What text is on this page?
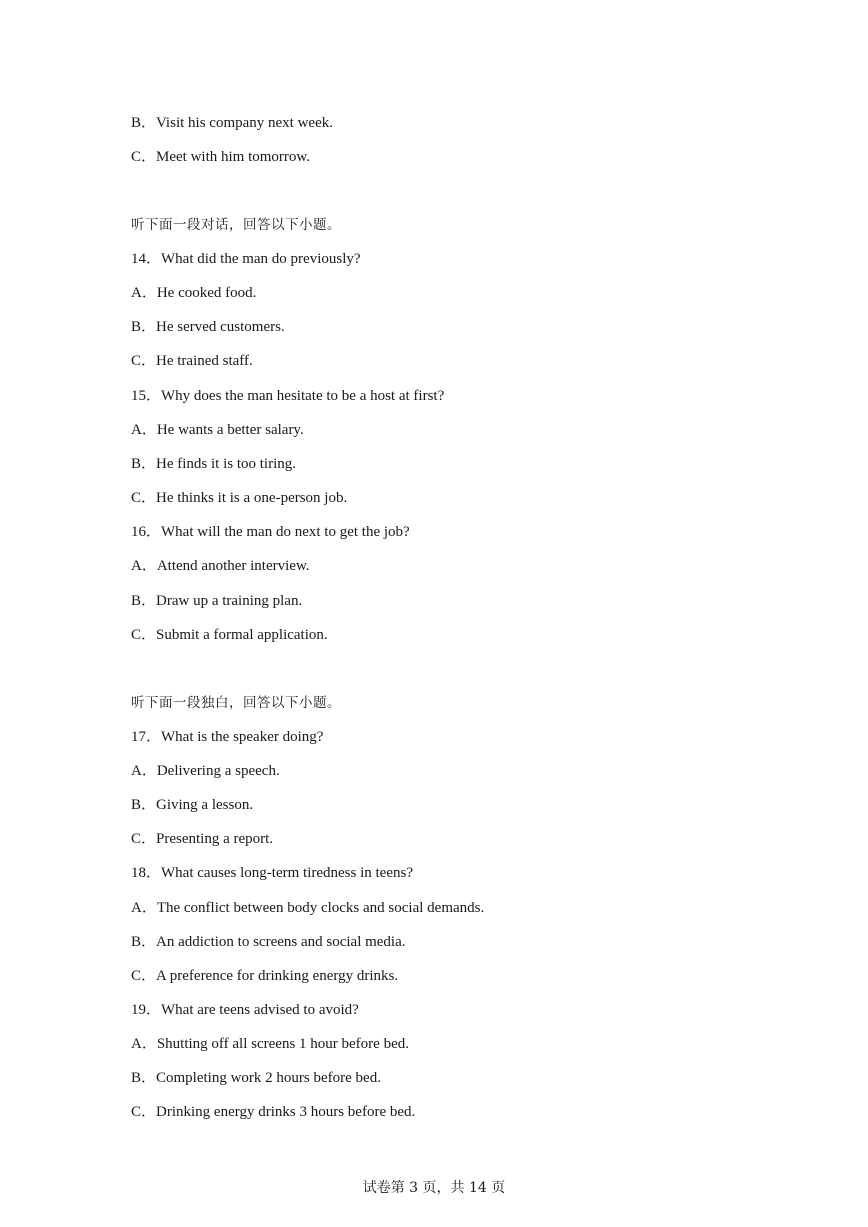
B．Visit his company next week.
C．Meet with him tomorrow.
听下面一段对话，回答以下小题。
14．What did the man do previously?
A．He cooked food.
B．He served customers.
C．He trained staff.
15．Why does the man hesitate to be a host at first?
A．He wants a better salary.
B．He finds it is too tiring.
C．He thinks it is a one-person job.
16．What will the man do next to get the job?
A．Attend another interview.
B．Draw up a training plan.
C．Submit a formal application.
听下面一段独白，回答以下小题。
17．What is the speaker doing?
A．Delivering a speech.
B．Giving a lesson.
C．Presenting a report.
18．What causes long-term tiredness in teens?
A．The conflict between body clocks and social demands.
B．An addiction to screens and social media.
C．A preference for drinking energy drinks.
19．What are teens advised to avoid?
A．Shutting off all screens 1 hour before bed.
B．Completing work 2 hours before bed.
C．Drinking energy drinks 3 hours before bed.
试卷第 3 页，共 14 页
